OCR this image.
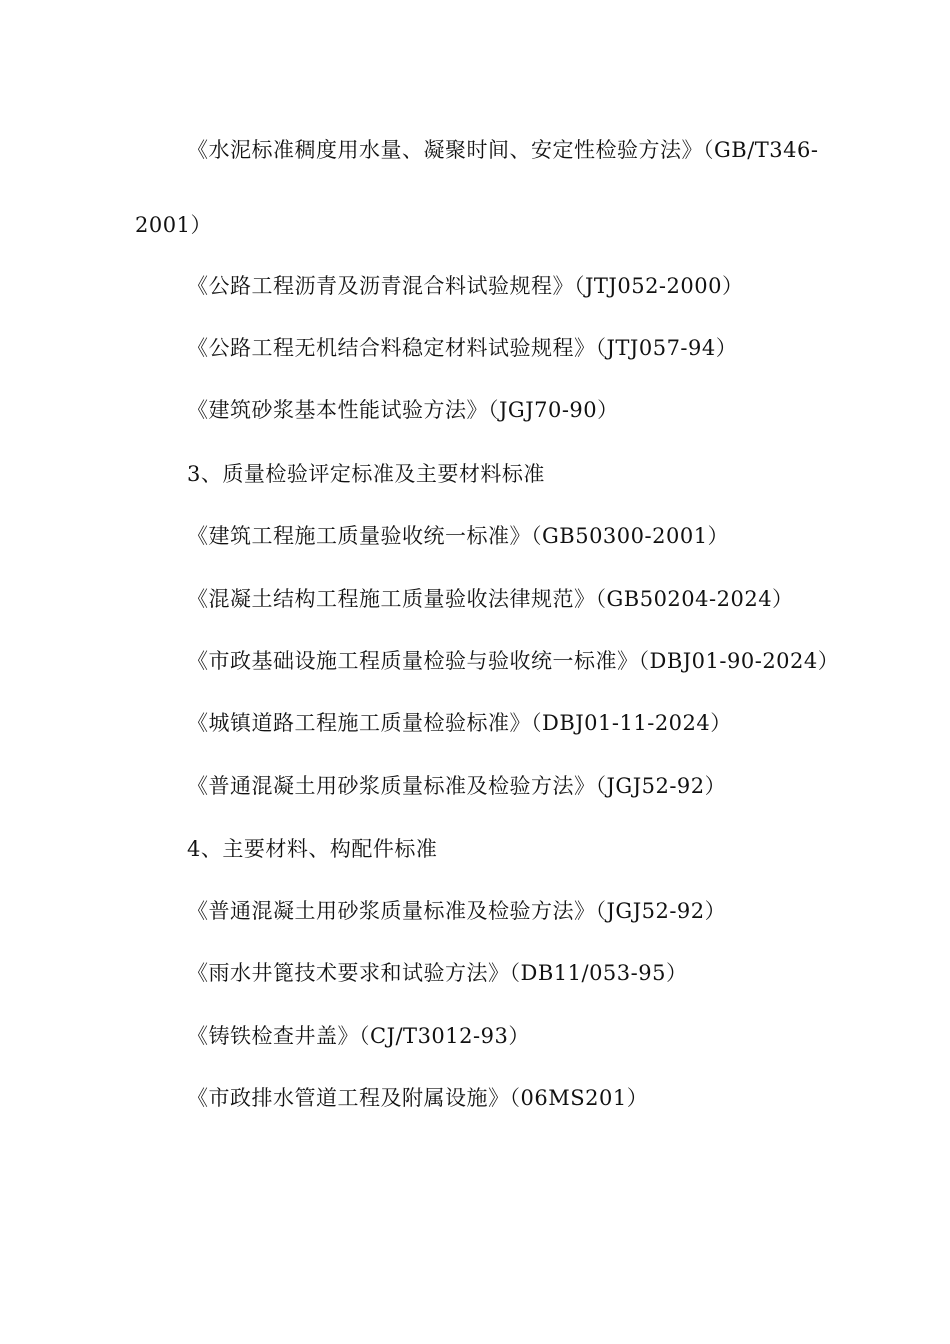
《水泥标准稠度用水量、凝聚时间、安定性检验方法》（GB/T346-
2001）
《公路工程沥青及沥青混合料试验规程》（JTJ052-2000）
《公路工程无机结合料稳定材料试验规程》（JTJ057-94）
《建筑砂浆基本性能试验方法》（JGJ70-90）
3、质量检验评定标准及主要材料标准
《建筑工程施工质量验收统一标准》（GB50300-2001）
《混凝土结构工程施工质量验收法律规范》（GB50204-2024）
《市政基础设施工程质量检验与验收统一标准》（DBJ01-90-2024）
《城镇道路工程施工质量检验标准》（DBJ01-11-2024）
《普通混凝土用砂浆质量标准及检验方法》（JGJ52-92）
4、主要材料、构配件标准
《普通混凝土用砂浆质量标准及检验方法》（JGJ52-92）
《雨水井篦技术要求和试验方法》（DB11/053-95）
《铸铁检查井盖》（CJ/T3012-93）
《市政排水管道工程及附属设施》（06MS201）
